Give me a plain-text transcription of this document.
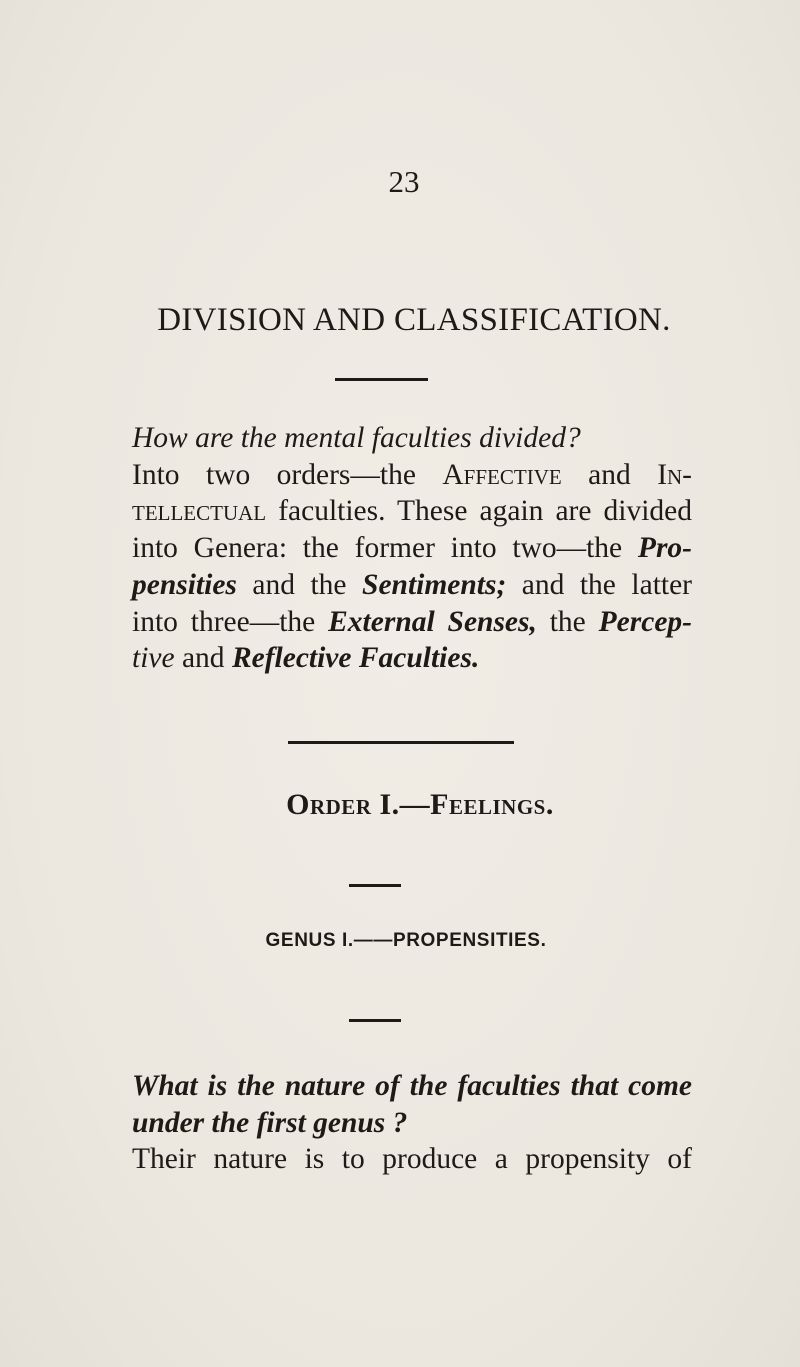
23
DIVISION AND CLASSIFICATION.
How are the mental faculties divided?
Into two orders—the Affective and In-
tellectual faculties. These again are divided
into Genera: the former into two—the Pro-
pensities and the Sentiments; and the latter
into three—the External Senses, the Percep-
tive and Reflective Faculties.
Order I.—Feelings.
GENUS I.——PROPENSITIES.
What is the nature of the faculties that come
under the first genus ?
Their nature is to produce a propensity of
